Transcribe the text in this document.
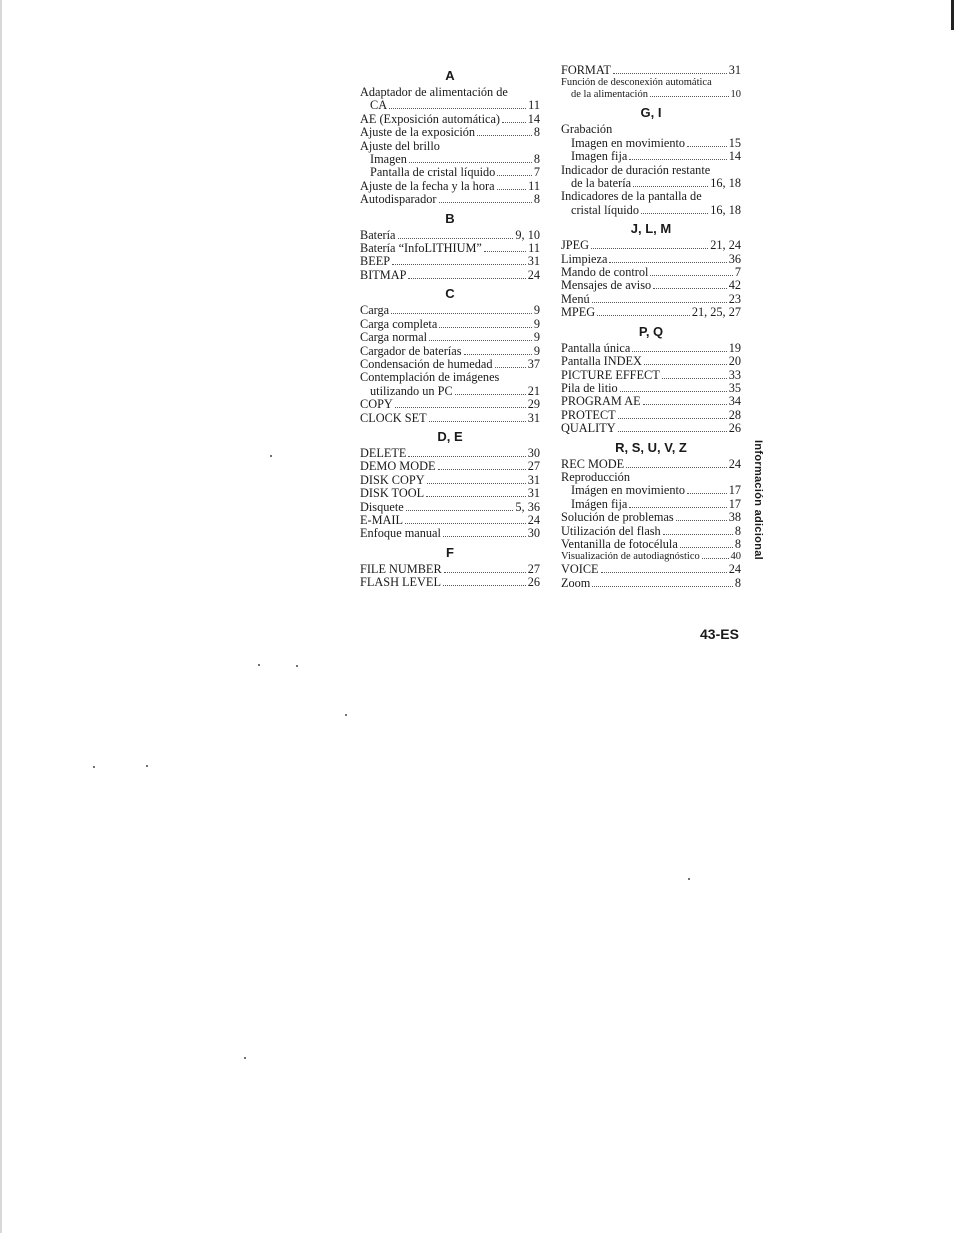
A
Adaptador de alimentación de
CA	11
AE (Exposición automática) 14
Ajuste de la exposición	8
Ajuste del brillo
Imagen	8
Pantalla de cristal líquido	7
Ajuste de la fecha y la hora	11
Autodisparador	8
B
Batería	9, 10
Batería “InfoLITHIUM”	11
BEEP	31
BITMAP	24
C
Carga	9
Carga completa	9
Carga normal	9
Cargador de baterías	9
Condensación de humedad	37
Contemplación de imágenes
utilizando un PC	21
COPY	29
CLOCK SET	31
D, E
DELETE	30
DEMO MODE	27
DISK COPY	31
DISK TOOL	31
Disquete	5, 36
E-MAIL	24
Enfoque manual	30
F
FILE NUMBER	27
FLASH LEVEL	26
FORMAT	31
Función de desconexión automática
de la alimentación	10
G, I
Grabación
Imagen en movimiento	15
Imagen fija	14
Indicador de duración restante
de la batería	16, 18
Indicadores de la pantalla de
cristal líquido	16, 18
J, L, M
JPEG	21, 24
Limpieza	36
Mando de control	7
Mensajes de aviso	42
Menú	23
MPEG	21, 25, 27
P, Q
Pantalla única	19
Pantalla INDEX	20
PICTURE EFFECT	33
Pila de litio	35
PROGRAM AE	34
PROTECT	28
QUALITY	26
R, S, U, V, Z
REC MODE	24
Reproducción
Imágen en movimiento	17
Imágen fija	17
Solución de problemas	38
Utilización del flash	8
Ventanilla de fotocélula	8
Visualización de autodiagnóstico	40
VOICE	24
Zoom	8
Información adicional
43-ES
